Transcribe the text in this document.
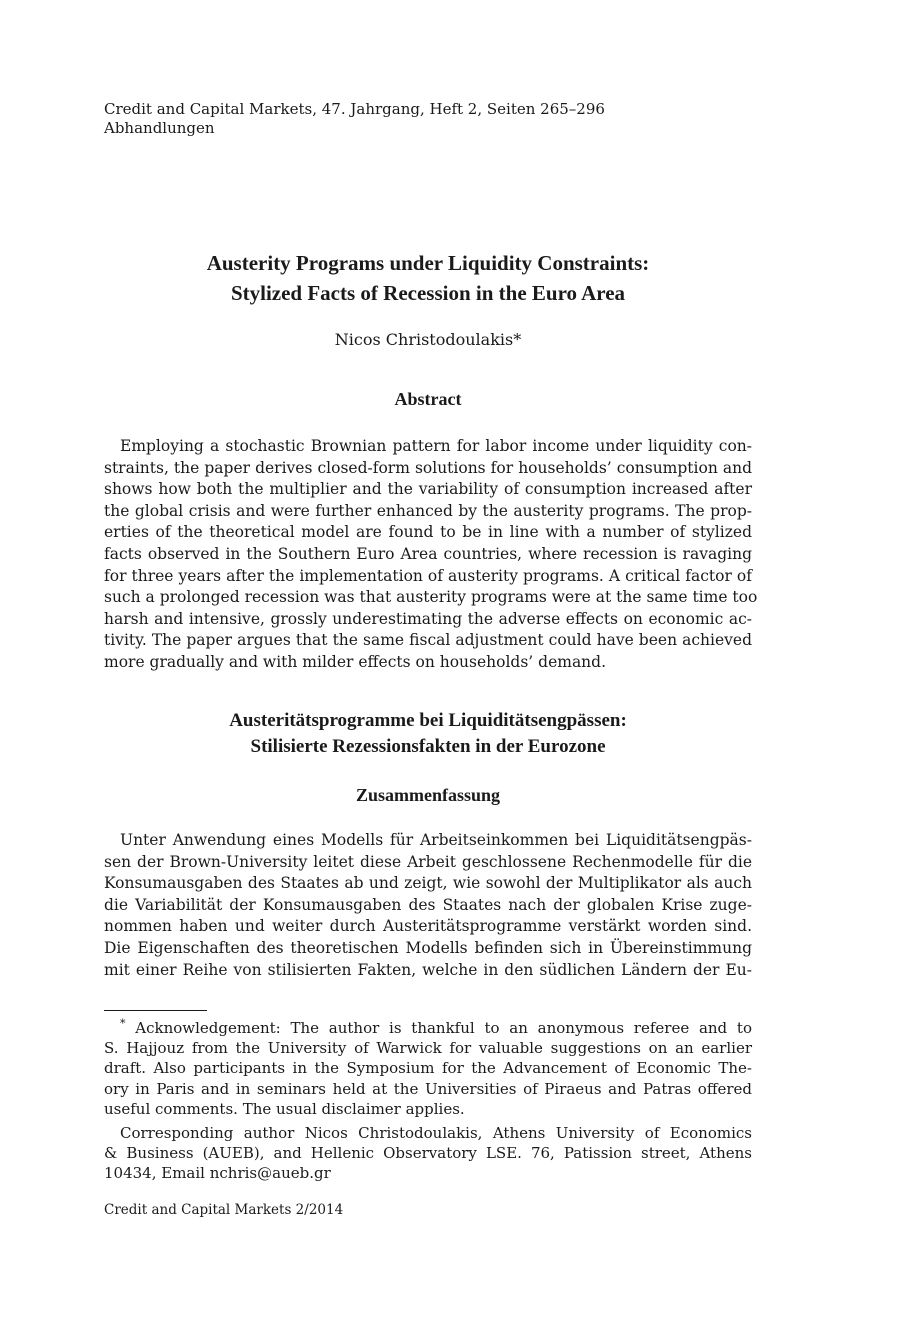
Credit and Capital Markets, 47. Jahrgang, Heft 2, Seiten 265–296
Abhandlungen
Austerity Programs under Liquidity Constraints:
Stylized Facts of Recession in the Euro Area
Nicos Christodoulakis*
Abstract
Employing a stochastic Brownian pattern for labor income under liquidity con-
straints, the paper derives closed-form solutions for households’ consumption and
shows how both the multiplier and the variability of consumption increased after
the global crisis and were further enhanced by the austerity programs. The prop-
erties of the theoretical model are found to be in line with a number of stylized
facts observed in the Southern Euro Area countries, where recession is ravaging
for three years after the implementation of austerity programs. A critical factor of
such a prolonged recession was that austerity programs were at the same time too
harsh and intensive, grossly underestimating the adverse effects on economic ac-
tivity. The paper argues that the same fiscal adjustment could have been achieved
more gradually and with milder effects on households’ demand.
Austeritätsprogramme bei Liquiditätsengpässen:
Stilisierte Rezessionsfakten in der Eurozone
Zusammenfassung
Unter Anwendung eines Modells für Arbeitseinkommen bei Liquiditätsengpäs-
sen der Brown-University leitet diese Arbeit geschlossene Rechenmodelle für die
Konsumausgaben des Staates ab und zeigt, wie sowohl der Multiplikator als auch
die Variabilität der Konsumausgaben des Staates nach der globalen Krise zuge-
nommen haben und weiter durch Austeritätsprogramme verstärkt worden sind.
Die Eigenschaften des theoretischen Modells befinden sich in Übereinstimmung
mit einer Reihe von stilisierten Fakten, welche in den südlichen Ländern der Eu-
* Acknowledgement: The author is thankful to an anonymous referee and to
S. Hajjouz from the University of Warwick for valuable suggestions on an earlier
draft. Also participants in the Symposium for the Advancement of Economic The-
ory in Paris and in seminars held at the Universities of Piraeus and Patras offered
useful comments. The usual disclaimer applies.
Corresponding author Nicos Christodoulakis, Athens University of Economics
& Business (AUEB), and Hellenic Observatory LSE. 76, Patission street, Athens
10434, Email nchris@aueb.gr
Credit and Capital Markets 2/2014
